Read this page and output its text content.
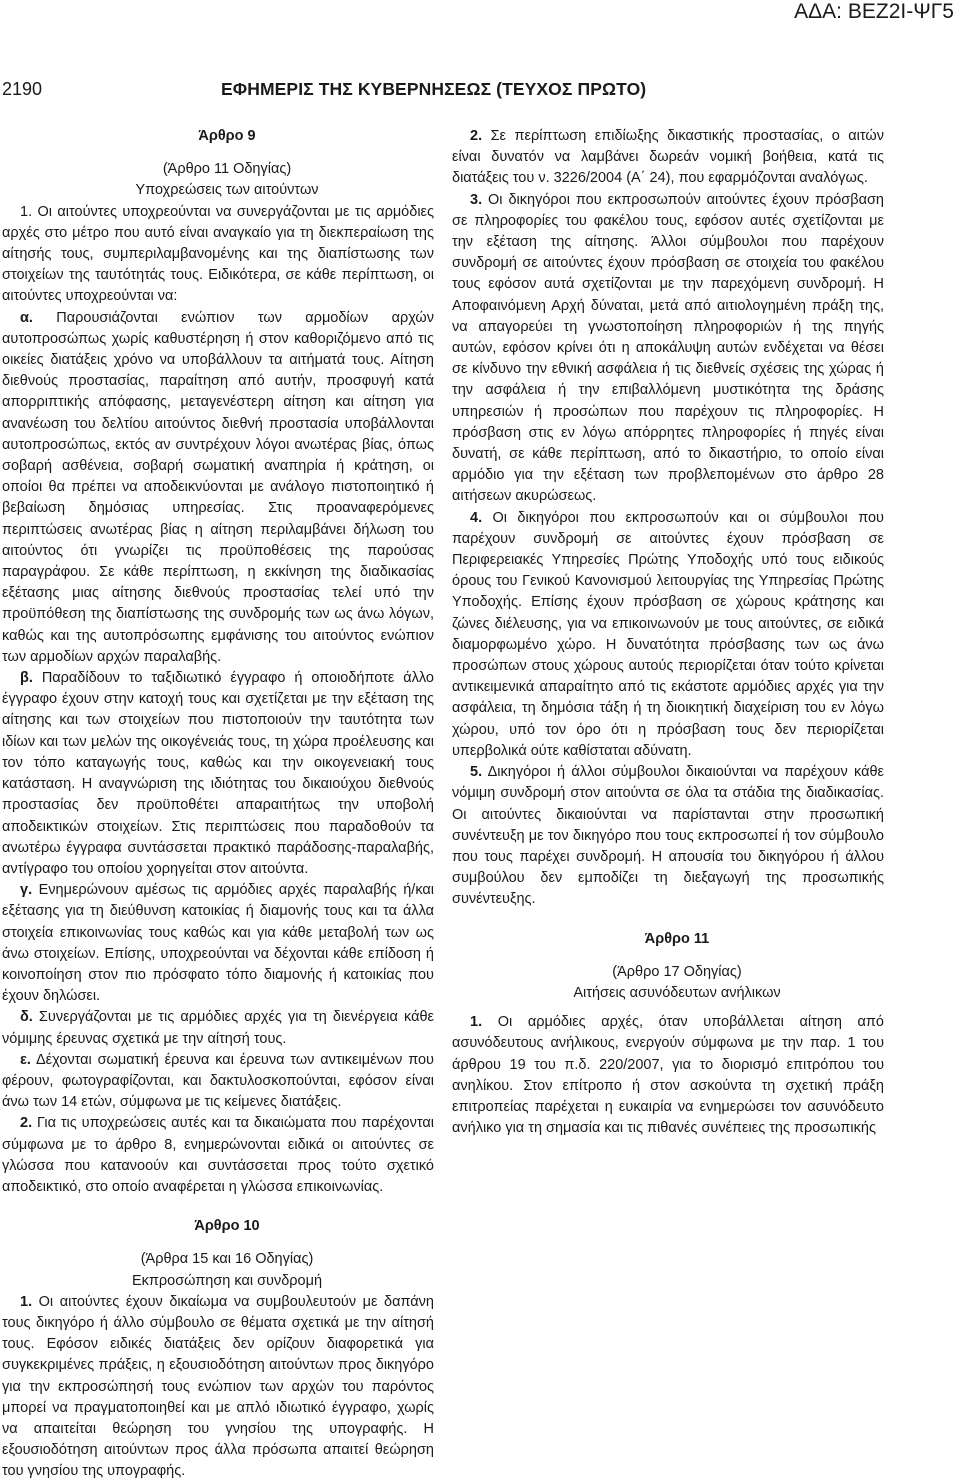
ΑΔΑ: ΒΕΖ2Ι-ΨΓ5
2190	ΕΦΗΜΕΡΙΣ ΤΗΣ ΚΥΒΕΡΝΗΣΕΩΣ (ΤΕΥΧΟΣ ΠΡΩΤΟ)

Άρθρο 9

(Άρθρο 11 Οδηγίας)

Υποχρεώσεις των αιτούντων

1. Οι αιτούντες υποχρεούνται να συνεργάζονται με τις αρμόδιες αρχές στο μέτρο που αυτό είναι αναγκαίο για τη διεκπεραίωση της αίτησής τους, συμπεριλαμβανομένης και της διαπίστωσης των στοιχείων της ταυτότητάς τους. Ειδικότερα, σε κάθε περίπτωση, οι αιτούντες υποχρεούνται να:

α. Παρουσιάζονται ενώπιον των αρμοδίων αρχών αυτοπροσώπως χωρίς καθυστέρηση ή στον καθοριζόμενο από τις οικείες διατάξεις χρόνο να υποβάλλουν τα αιτήματά τους. Αίτηση διεθνούς προστασίας, παραίτηση από αυτήν, προσφυγή κατά απορριπτικής απόφασης, μεταγενέστερη αίτηση και αίτηση για ανανέωση του δελτίου αιτούντος διεθνή προστασία υποβάλλονται αυτοπροσώπως, εκτός αν συντρέχουν λόγοι ανωτέρας βίας, όπως σοβαρή ασθένεια, σοβαρή σωματική αναπηρία ή κράτηση, οι οποίοι θα πρέπει να αποδεικνύονται με ανάλογο πιστοποιητικό ή βεβαίωση δημόσιας υπηρεσίας. Στις προαναφερόμενες περιπτώσεις ανωτέρας βίας η αίτηση περιλαμβάνει δήλωση του αιτούντος ότι γνωρίζει τις προϋποθέσεις της παρούσας παραγράφου. Σε κάθε περίπτωση, η εκκίνηση της διαδικασίας εξέτασης μιας αίτησης διεθνούς προστασίας τελεί υπό την προϋπόθεση της διαπίστωσης της συνδρομής των ως άνω λόγων, καθώς και της αυτοπρόσωπης εμφάνισης του αιτούντος ενώπιον των αρμοδίων αρχών παραλαβής.

β. Παραδίδουν το ταξιδιωτικό έγγραφο ή οποιοδήποτε άλλο έγγραφο έχουν στην κατοχή τους και σχετίζεται με την εξέταση της αίτησης και των στοιχείων που πιστοποιούν την ταυτότητα των ιδίων και των μελών της οικογένειάς τους, τη χώρα προέλευσης και τον τόπο καταγωγής τους, καθώς και την οικογενειακή τους κατάσταση. Η αναγνώριση της ιδιότητας του δικαιούχου διεθνούς προστασίας δεν προϋποθέτει απαραιτήτως την υποβολή αποδεικτικών στοιχείων. Στις περιπτώσεις που παραδοθούν τα ανωτέρω έγγραφα συντάσσεται πρακτικό παράδοσης-παραλαβής, αντίγραφο του οποίου χορηγείται στον αιτούντα.

γ. Ενημερώνουν αμέσως τις αρμόδιες αρχές παραλαβής ή/και εξέτασης για τη διεύθυνση κατοικίας ή διαμονής τους και τα άλλα στοιχεία επικοινωνίας τους καθώς και για κάθε μεταβολή των ως άνω στοιχείων. Επίσης, υποχρεούνται να δέχονται κάθε επίδοση ή κοινοποίηση στον πιο πρόσφατο τόπο διαμονής ή κατοικίας που έχουν δηλώσει.

δ. Συνεργάζονται με τις αρμόδιες αρχές για τη διενέργεια κάθε νόμιμης έρευνας σχετικά με την αίτησή τους.

ε. Δέχονται σωματική έρευνα και έρευνα των αντικειμένων που φέρουν, φωτογραφίζονται, και δακτυλοσκοπούνται, εφόσον είναι άνω των 14 ετών, σύμφωνα με τις κείμενες διατάξεις.

2. Για τις υποχρεώσεις αυτές και τα δικαιώματα που παρέχονται σύμφωνα με το άρθρο 8, ενημερώνονται ειδικά οι αιτούντες σε γλώσσα που κατανοούν και συντάσσεται προς τούτο σχετικό αποδεικτικό, στο οποίο αναφέρεται η γλώσσα επικοινωνίας.

Άρθρο 10

(Άρθρα 15 και 16 Οδηγίας)

Εκπροσώπηση και συνδρομή

1. Οι αιτούντες έχουν δικαίωμα να συμβουλευτούν με δαπάνη τους δικηγόρο ή άλλο σύμβουλο σε θέματα σχετικά με την αίτησή τους. Εφόσον ειδικές διατάξεις δεν ορίζουν διαφορετικά για συγκεκριμένες πράξεις, η εξουσιοδότηση αιτούντων προς δικηγόρο για την εκπροσώπησή τους ενώπιον των αρχών του παρόντος μπορεί να πραγματοποιηθεί και με απλό ιδιωτικό έγγραφο, χωρίς να απαιτείται θεώρηση του γνησίου της υπογραφής. Η εξουσιοδότηση αιτούντων προς άλλα πρόσωπα απαιτεί θεώρηση του γνησίου της υπογραφής.

2. Σε περίπτωση επιδίωξης δικαστικής προστασίας, ο αιτών είναι δυνατόν να λαμβάνει δωρεάν νομική βοήθεια, κατά τις διατάξεις του ν. 3226/2004 (Α΄ 24), που εφαρμόζονται αναλόγως.

3. Οι δικηγόροι που εκπροσωπούν αιτούντες έχουν πρόσβαση σε πληροφορίες του φακέλου τους, εφόσον αυτές σχετίζονται με την εξέταση της αίτησης. Άλλοι σύμβουλοι που παρέχουν συνδρομή σε αιτούντες έχουν πρόσβαση σε στοιχεία του φακέλου τους εφόσον αυτά σχετίζονται με την παρεχόμενη συνδρομή. Η Αποφαινόμενη Αρχή δύναται, μετά από αιτιολογημένη πράξη της, να απαγορεύει τη γνωστοποίηση πληροφοριών ή της πηγής αυτών, εφόσον κρίνει ότι η αποκάλυψη αυτών ενδέχεται να θέσει σε κίνδυνο την εθνική ασφάλεια ή τις διεθνείς σχέσεις της χώρας ή την ασφάλεια ή την επιβαλλόμενη μυστικότητα της δράσης υπηρεσιών ή προσώπων που παρέχουν τις πληροφορίες. Η πρόσβαση στις εν λόγω απόρρητες πληροφορίες ή πηγές είναι δυνατή, σε κάθε περίπτωση, από το δικαστήριο, το οποίο είναι αρμόδιο για την εξέταση των προβλεπομένων στο άρθρο 28 αιτήσεων ακυρώσεως.

4. Οι δικηγόροι που εκπροσωπούν και οι σύμβουλοι που παρέχουν συνδρομή σε αιτούντες έχουν πρόσβαση σε Περιφερειακές Υπηρεσίες Πρώτης Υποδοχής υπό τους ειδικούς όρους του Γενικού Κανονισμού λειτουργίας της Υπηρεσίας Πρώτης Υποδοχής. Επίσης έχουν πρόσβαση σε χώρους κράτησης και ζώνες διέλευσης, για να επικοινωνούν με τους αιτούντες, σε ειδικά διαμορφωμένο χώρο. Η δυνατότητα πρόσβασης των ως άνω προσώπων στους χώρους αυτούς περιορίζεται όταν τούτο κρίνεται αντικειμενικά απαραίτητο από τις εκάστοτε αρμόδιες αρχές για την ασφάλεια, τη δημόσια τάξη ή τη διοικητική διαχείριση του εν λόγω χώρου, υπό τον όρο ότι η πρόσβαση τους δεν περιορίζεται υπερβολικά ούτε καθίσταται αδύνατη.

5. Δικηγόροι ή άλλοι σύμβουλοι δικαιούνται να παρέχουν κάθε νόμιμη συνδρομή στον αιτούντα σε όλα τα στάδια της διαδικασίας. Οι αιτούντες δικαιούνται να παρίστανται στην προσωπική συνέντευξη με τον δικηγόρο που τους εκπροσωπεί ή τον σύμβουλο που τους παρέχει συνδρομή. Η απουσία του δικηγόρου ή άλλου συμβούλου δεν εμποδίζει τη διεξαγωγή της προσωπικής συνέντευξης.

Άρθρο 11

(Άρθρο 17 Οδηγίας)

Αιτήσεις ασυνόδευτων ανήλικων

1. Οι αρμόδιες αρχές, όταν υποβάλλεται αίτηση από ασυνόδευτους ανήλικους, ενεργούν σύμφωνα με την παρ. 1 του άρθρου 19 του π.δ. 220/2007, για το διορισμό επιτρόπου του ανηλίκου. Στον επίτροπο ή στον ασκούντα τη σχετική πράξη επιτροπείας παρέχεται η ευκαιρία να ενημερώσει τον ασυνόδευτο ανήλικο για τη σημασία και τις πιθανές συνέπειες της προσωπικής
